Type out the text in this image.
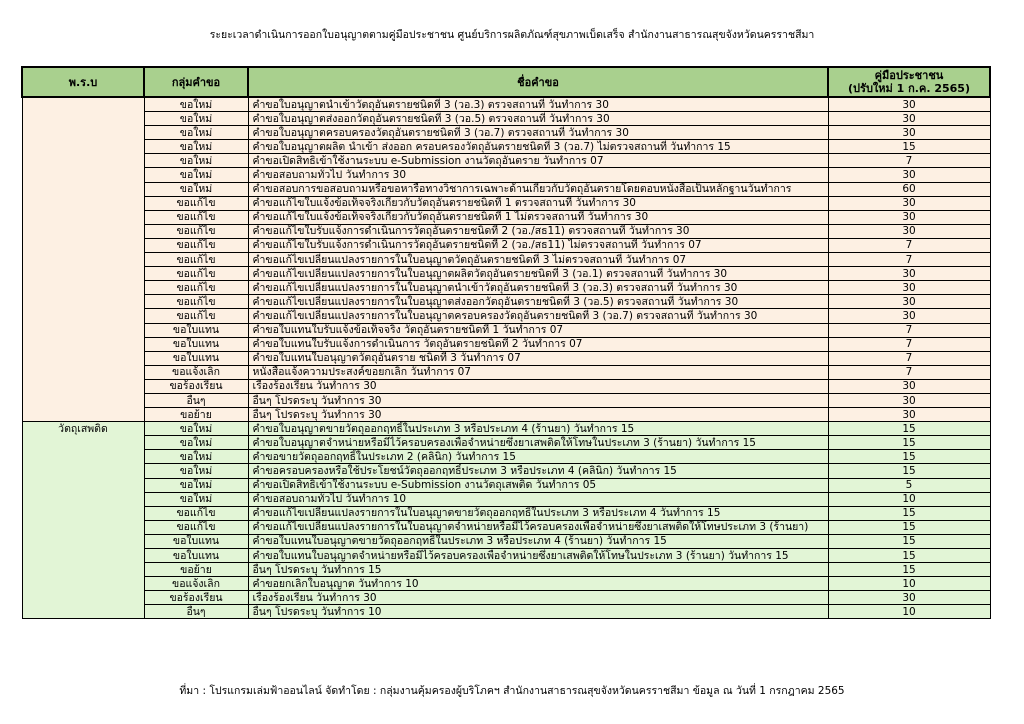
ระยะเวลาดำเนินการออกใบอนุญาตตามคู่มือประชาชน ศูนย์บริการผลิตภัณฑ์สุขภาพเบ็ดเสร็จ สำนักงานสาธารณสุขจังหวัดนครราชสีมา
พ.ร.บ	กลุ่มคำขอ	ชื่อคำขอ	คู่มือประชาชน
(ปรับใหม่ 1 ก.ค. 2565)

	ขอใหม่	คำขอใบอนุญาตนำเข้าวัตถุอันตรายชนิดที่ 3 (วอ.3) ตรวจสถานที่ วันทำการ 30	30
	ขอใหม่	คำขอใบอนุญาตส่งออกวัตถุอันตรายชนิดที่ 3 (วอ.5) ตรวจสถานที่ วันทำการ 30	30
	ขอใหม่	คำขอใบอนุญาตครอบครองวัตถุอันตรายชนิดที่ 3 (วอ.7) ตรวจสถานที่ วันทำการ 30	30
	ขอใหม่	คำขอใบอนุญาตผลิต นำเข้า ส่งออก ครอบครองวัตถุอันตรายชนิดที่ 3 (วอ.7) ไม่ตรวจสถานที่ วันทำการ 15	15
	ขอใหม่	คำขอเปิดสิทธิเข้าใช้งานระบบ e-Submission งานวัตถุอันตราย วันทำการ 07	7
	ขอใหม่	คำขอสอบถามทั่วไป วันทำการ 30	30
	ขอใหม่	คำขอสอบการขอสอบถามหรือขอหารือทางวิชาการเฉพาะด้านเกี่ยวกับวัตถุอันตรายโดยตอบหนังสือเป็นหลักฐานวันทำการ	60
	ขอแก้ไข	คำขอแก้ไขใบแจ้งข้อเท็จจริงเกี่ยวกับวัตถุอันตรายชนิดที่ 1 ตรวจสถานที่ วันทำการ 30	30
	ขอแก้ไข	คำขอแก้ไขใบแจ้งข้อเท็จจริงเกี่ยวกับวัตถุอันตรายชนิดที่ 1 ไม่ตรวจสถานที่ วันทำการ 30	30
	ขอแก้ไข	คำขอแก้ไขใบรับแจ้งการดำเนินการวัตถุอันตรายชนิดที่ 2 (วอ./สธ11) ตรวจสถานที่ วันทำการ 30	30
	ขอแก้ไข	คำขอแก้ไขใบรับแจ้งการดำเนินการวัตถุอันตรายชนิดที่ 2 (วอ./สธ11) ไม่ตรวจสถานที่ วันทำการ 07	7
	ขอแก้ไข	คำขอแก้ไขเปลี่ยนแปลงรายการในใบอนุญาตวัตถุอันตรายชนิดที่ 3 ไม่ตรวจสถานที่ วันทำการ 07	7
	ขอแก้ไข	คำขอแก้ไขเปลี่ยนแปลงรายการในใบอนุญาตผลิตวัตถุอันตรายชนิดที่ 3 (วอ.1) ตรวจสถานที่ วันทำการ 30	30
	ขอแก้ไข	คำขอแก้ไขเปลี่ยนแปลงรายการในใบอนุญาตนำเข้าวัตถุอันตรายชนิดที่ 3 (วอ.3) ตรวจสถานที่ วันทำการ 30	30
	ขอแก้ไข	คำขอแก้ไขเปลี่ยนแปลงรายการในใบอนุญาตส่งออกวัตถุอันตรายชนิดที่ 3 (วอ.5) ตรวจสถานที่ วันทำการ 30	30
	ขอแก้ไข	คำขอแก้ไขเปลี่ยนแปลงรายการในใบอนุญาตครอบครองวัตถุอันตรายชนิดที่ 3 (วอ.7) ตรวจสถานที่ วันทำการ 30	30
	ขอใบแทน	คำขอใบแทนใบรับแจ้งข้อเท็จจริง วัตถุอันตรายชนิดที่ 1 วันทำการ 07	7
	ขอใบแทน	คำขอใบแทนใบรับแจ้งการดำเนินการ วัตถุอันตรายชนิดที่ 2 วันทำการ 07	7
	ขอใบแทน	คำขอใบแทนใบอนุญาตวัตถุอันตราย ชนิดที่ 3 วันทำการ 07	7
	ขอแจ้งเลิก	หนังสือแจ้งความประสงค์ขอยกเลิก วันทำการ 07	7
	ขอร้องเรียน	เรื่องร้องเรียน วันทำการ 30	30
	อื่นๆ	อื่นๆ โปรดระบุ วันทำการ 30	30
	ขอย้าย	อื่นๆ โปรดระบุ วันทำการ 30	30
วัตถุเสพติด	ขอใหม่	คำขอใบอนุญาตขายวัตถุออกฤทธิ์ในประเภท 3 หรือประเภท 4 (ร้านยา) วันทำการ 15	15
	ขอใหม่	คำขอใบอนุญาตจำหน่ายหรือมีไว้ครอบครองเพื่อจำหน่ายซึ่งยาเสพติดให้โทษในประเภท 3 (ร้านยา) วันทำการ 15	15
	ขอใหม่	คำขอขายวัตถุออกฤทธิ์ในประเภท 2 (คลินิก) วันทำการ 15	15
	ขอใหม่	คำขอครอบครองหรือใช้ประโยชน์วัตถุออกฤทธิ์ประเภท 3 หรือประเภท 4 (คลินิก) วันทำการ 15	15
	ขอใหม่	คำขอเปิดสิทธิเข้าใช้งานระบบ e-Submission งานวัตถุเสพติด วันทำการ 05	5
	ขอใหม่	คำขอสอบถามทั่วไป วันทำการ 10	10
	ขอแก้ไข	คำขอแก้ไขเปลี่ยนแปลงรายการในใบอนุญาตขายวัตถุออกฤทธิ์ในประเภท 3 หรือประเภท 4 วันทำการ 15	15
	ขอแก้ไข	คำขอแก้ไขเปลี่ยนแปลงรายการในใบอนุญาตจำหน่ายหรือมีไว้ครอบครองเพื่อจำหน่ายซึ่งยาเสพติดให้โทษประเภท 3 (ร้านยา)	15
	ขอใบแทน	คำขอใบแทนใบอนุญาตขายวัตถุออกฤทธิ์ในประเภท 3 หรือประเภท 4 (ร้านยา) วันทำการ 15	15
	ขอใบแทน	คำขอใบแทนใบอนุญาตจำหน่ายหรือมีไว้ครอบครองเพื่อจำหน่ายซึ่งยาเสพติดให้โทษในประเภท 3 (ร้านยา) วันทำการ 15	15
	ขอย้าย	อื่นๆ โปรดระบุ วันทำการ 15	15
	ขอแจ้งเลิก	คำขอยกเลิกใบอนุญาต วันทำการ 10	10
	ขอร้องเรียน	เรื่องร้องเรียน วันทำการ 30	30
	อื่นๆ	อื่นๆ โปรดระบุ วันทำการ 10	10
ที่มา : โปรแกรมเล่มฟ้าออนไลน์ จัดทำโดย : กลุ่มงานคุ้มครองผู้บริโภคฯ สำนักงานสาธารณสุขจังหวัดนครราชสีมา ข้อมูล ณ วันที่ 1 กรกฎาคม 2565
